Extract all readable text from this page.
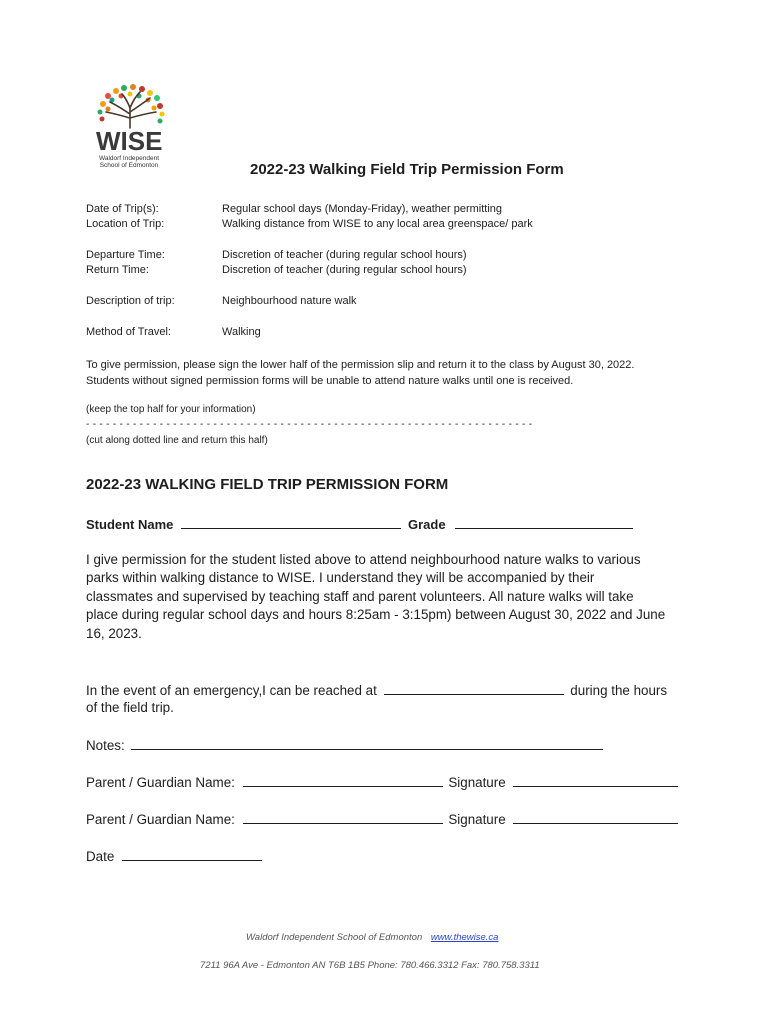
WISE
Waldorf Independent
School of Edmonton	2022-23 Walking Field Trip Permission Form
Date of Trip(s):	Regular school days (Monday-Friday), weather permitting
Location of Trip:	Walking distance from WISE to any local area greenspace/ park
Departure Time:	Discretion of teacher (during regular school hours)
Return Time:	Discretion of teacher (during regular school hours)
Description of trip:	Neighbourhood nature walk
Method of Travel:	Walking
To give permission, please sign the lower half of the permission slip and return it to the class by August 30, 2022.
Students without signed permission forms will be unable to attend nature walks until one is received.
(keep the top half for your information)
- - - - - - - - - - - - - - - - - - - - - - - - - - - - - - - - - - - - - - - - - - - - - - - - - - - - - - - - - - - - - - - - - - -
(cut along dotted line and return this half)
2022-23 WALKING FIELD TRIP PERMISSION FORM
Student Name	Grade
I give permission for the student listed above to attend neighbourhood nature walks to various
parks within walking distance to WISE. I understand they will be accompanied by their
classmates and supervised by teaching staff and parent volunteers. All nature walks will take
place during regular school days and hours 8:25am - 3:15pm) between August 30, 2022 and June
16, 2023.
In the event of an emergency,I can be reached at	during the hours
of the field trip.
Notes:
Parent / Guardian Name:	Signature
Parent / Guardian Name:	Signature
Date
Waldorf Independent School of Edmonton www.thewise.ca
7211 96A Ave - Edmonton AN T6B 1B5 Phone: 780.466.3312 Fax: 780.758.3311
